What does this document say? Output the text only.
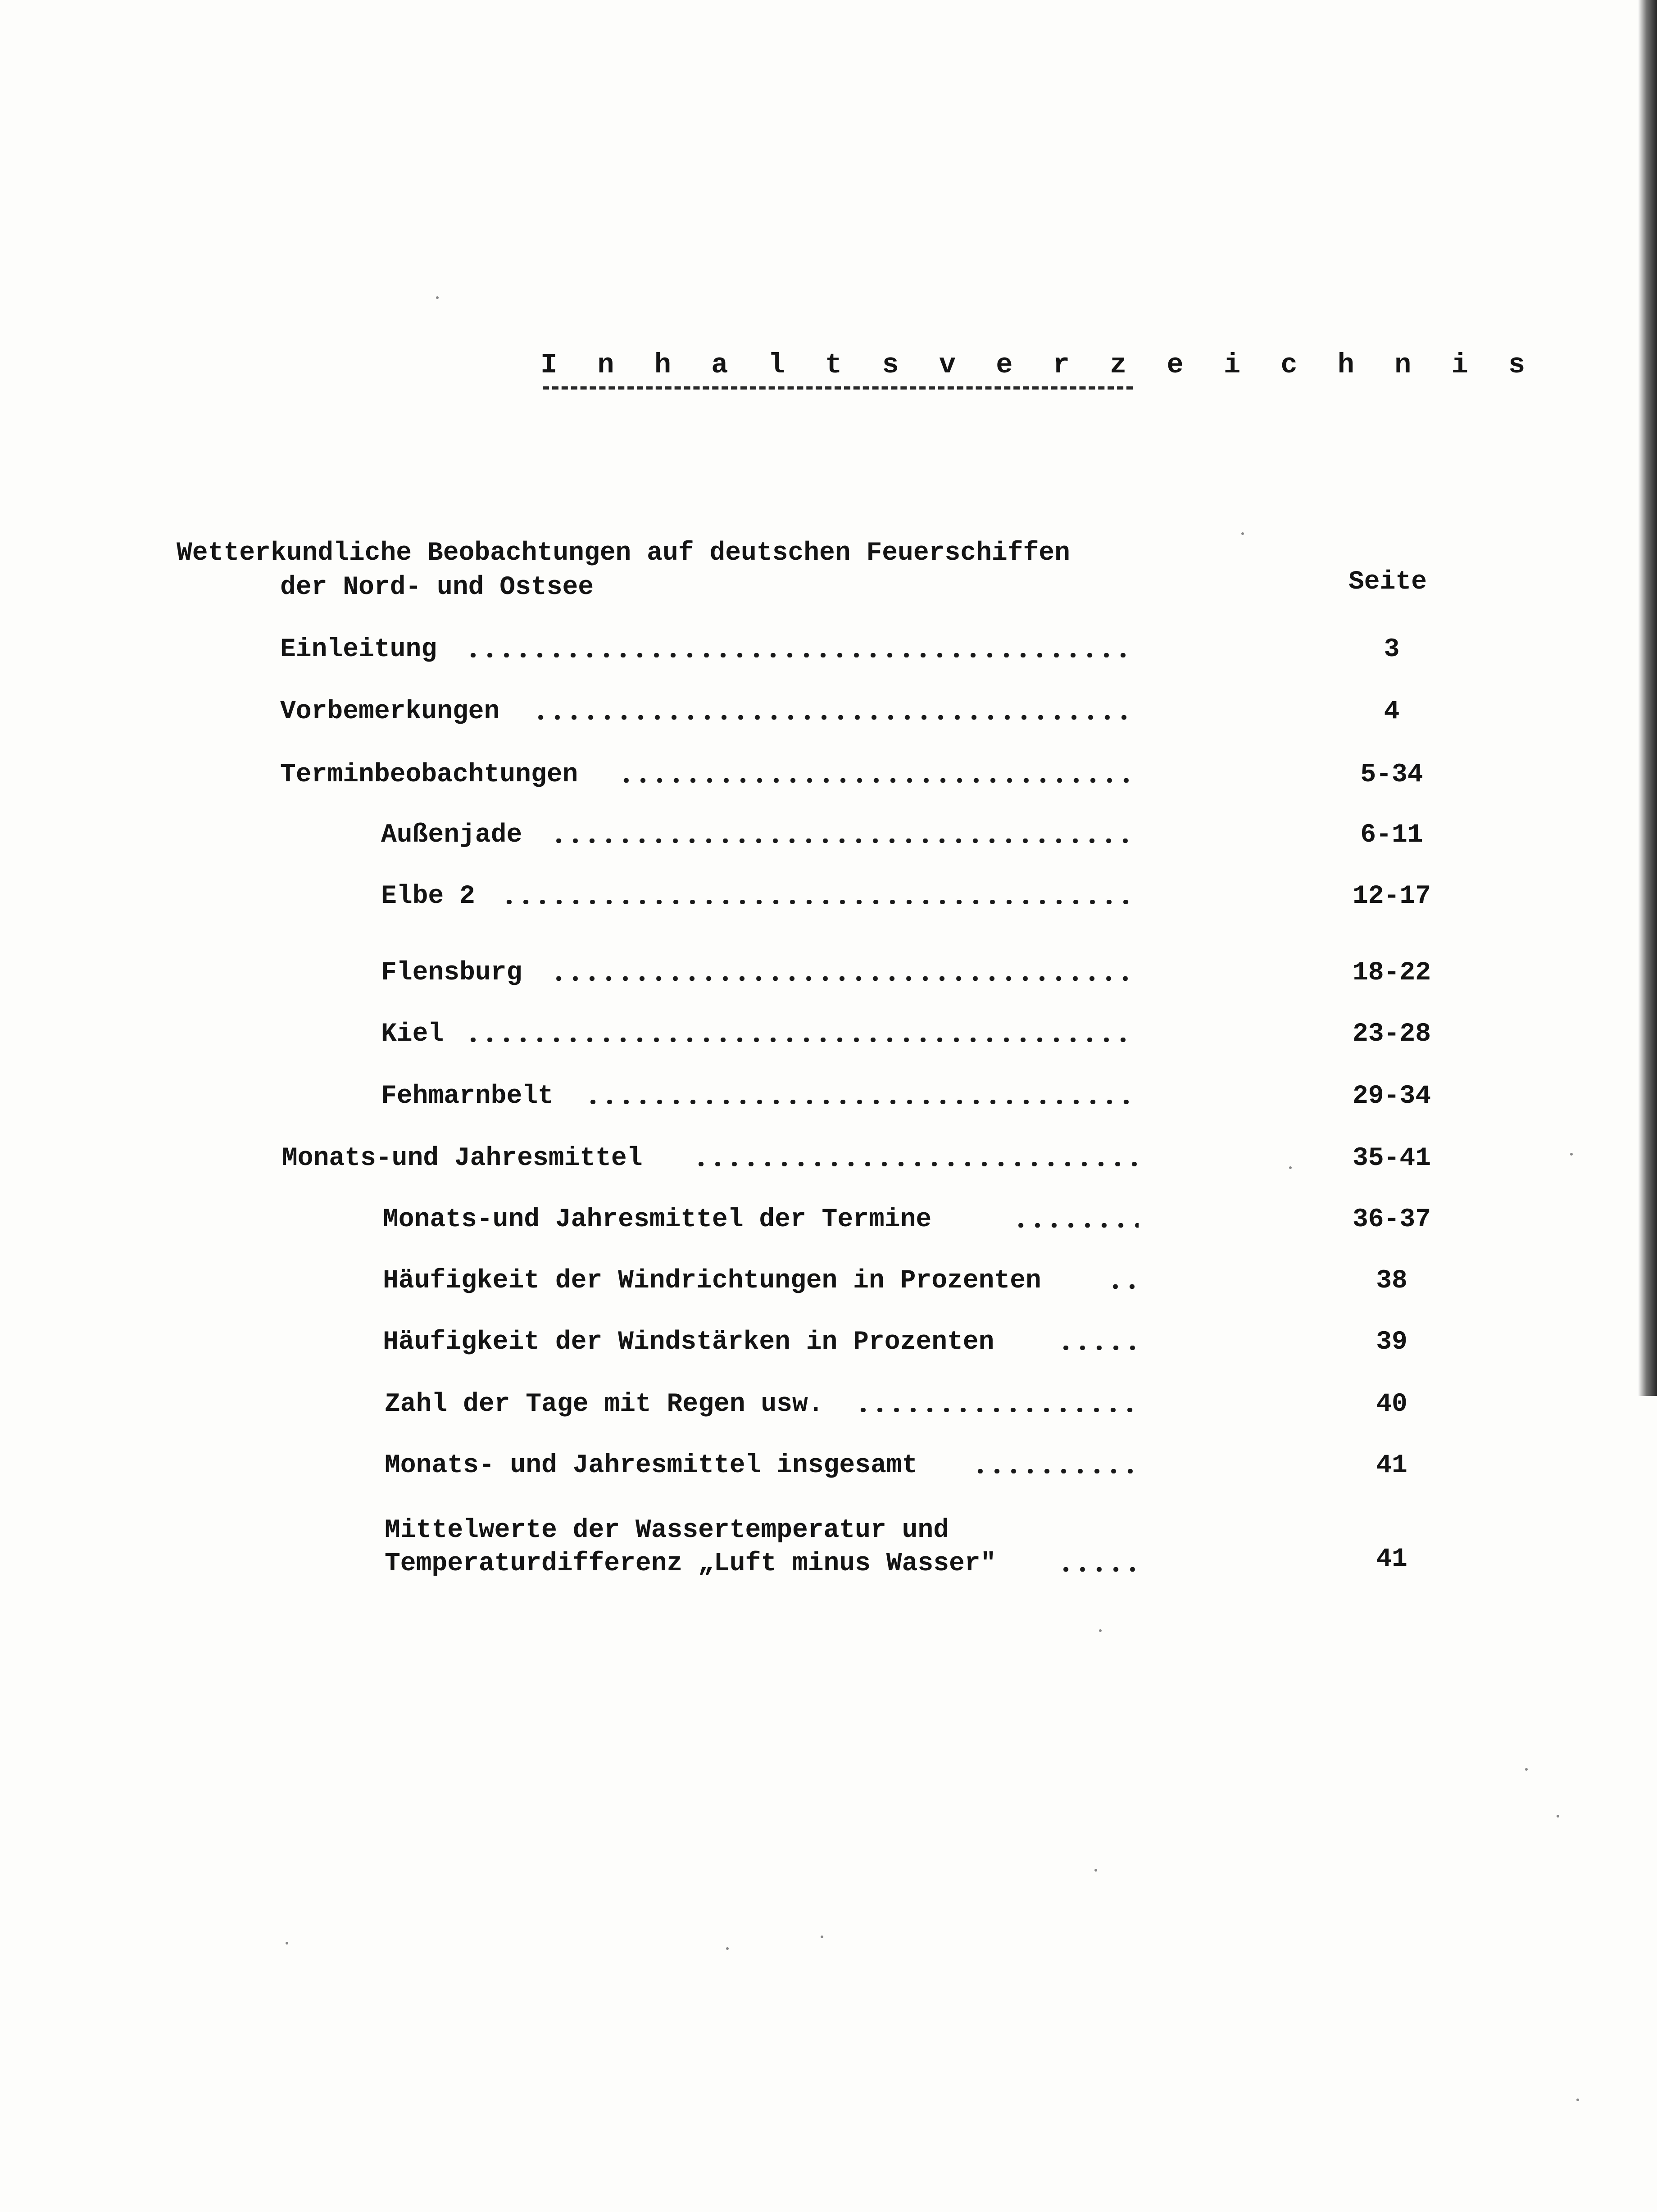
I n h a l t s v e r z e i c h n i s
Wetterkundliche Beobachtungen auf deutschen Feuerschiffen
der Nord- und Ostsee	Seite
Einleitung	3
Vorbemerkungen	4
Terminbeobachtungen	5-34
Außenjade	6-11
Elbe 2	12-17
Flensburg	18-22
Kiel	23-28
Fehmarnbelt	29-34
Monats-und Jahresmittel	35-41
Monats-und Jahresmittel der Termine	36-37
Häufigkeit der Windrichtungen in Prozenten	38
Häufigkeit der Windstärken in Prozenten	39
Zahl der Tage mit Regen usw.	40
Monats- und Jahresmittel insgesamt	41
Mittelwerte der Wassertemperatur und
Temperaturdifferenz „Luft minus Wasser"	41
